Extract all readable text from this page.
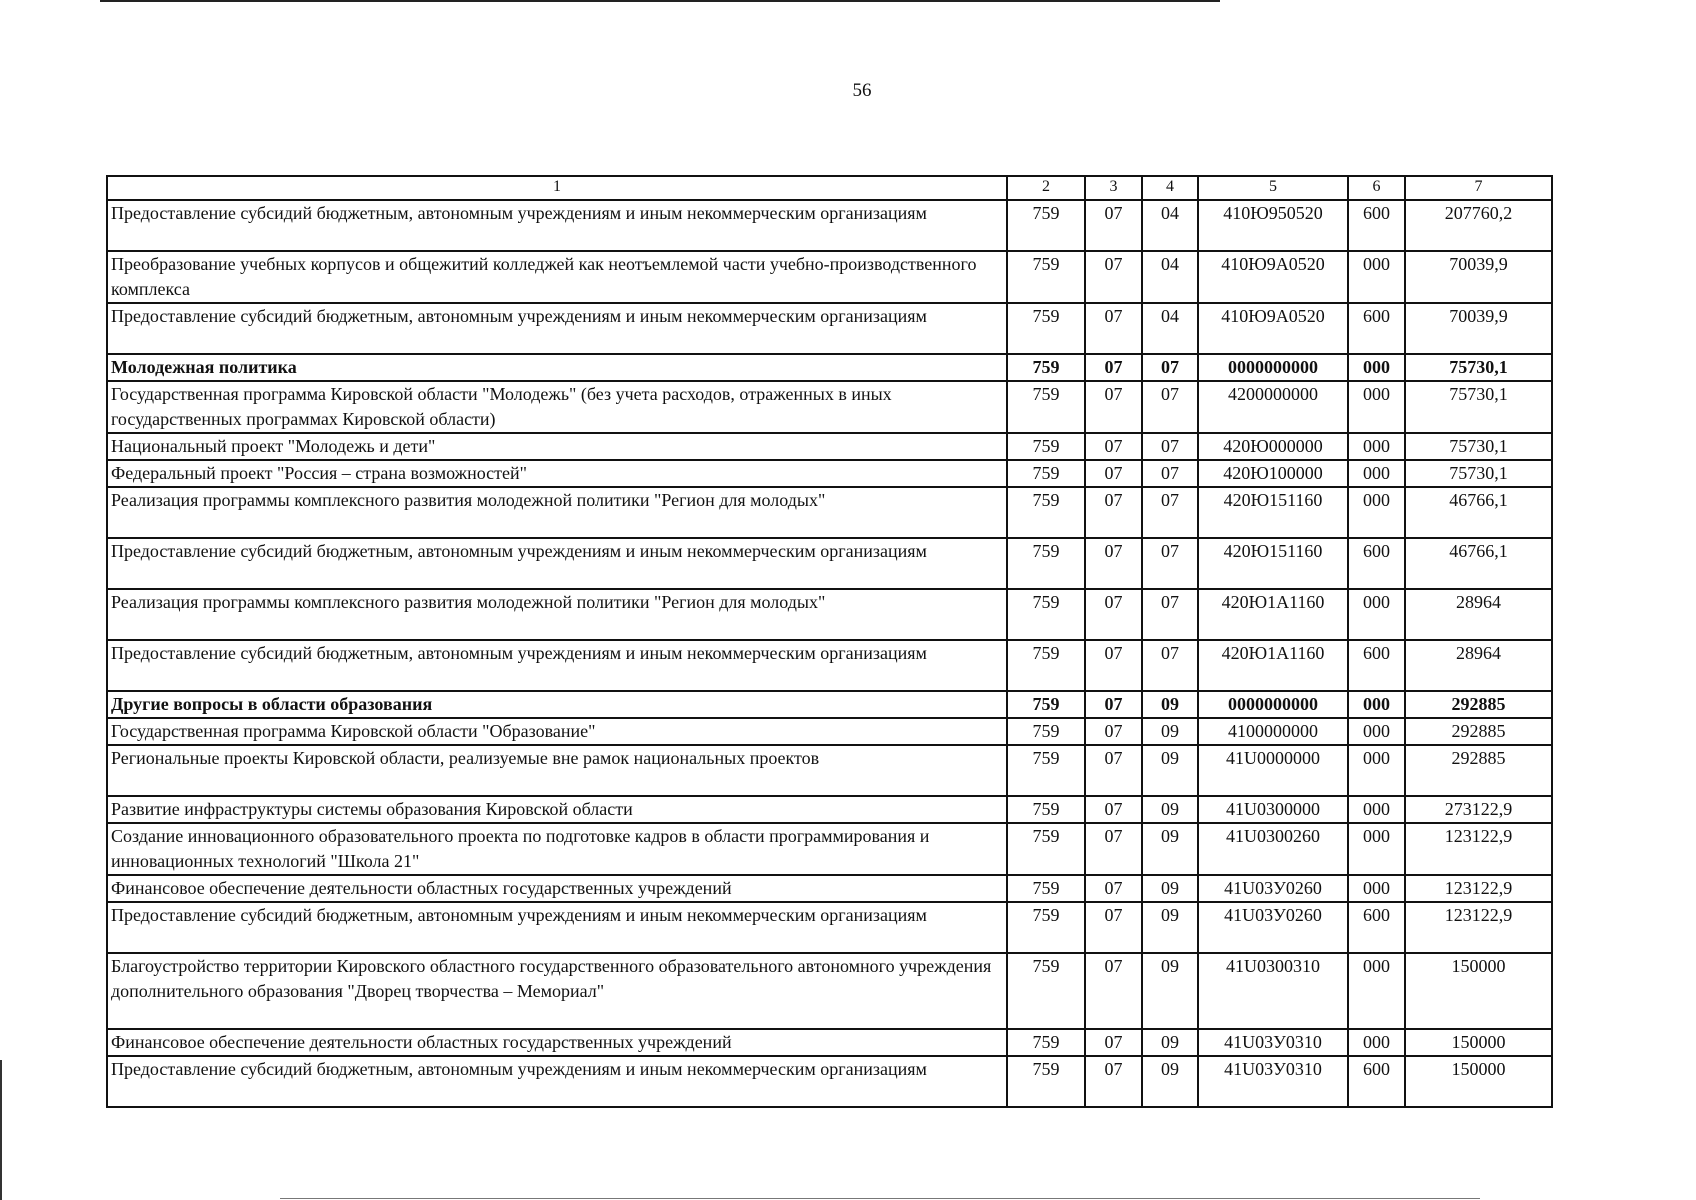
56
1	2	3	4	5	6	7
Предоставление субсидий бюджетным, автономным учреждениям и иным некоммерческим организациям	759	07	04	410Ю950520	600	207760,2
Преобразование учебных корпусов и общежитий колледжей как неотъемлемой части учебно-производственного комплекса	759	07	04	410Ю9А0520	000	70039,9
Предоставление субсидий бюджетным, автономным учреждениям и иным некоммерческим организациям	759	07	04	410Ю9А0520	600	70039,9
Молодежная политика	759	07	07	0000000000	000	75730,1
Государственная программа Кировской области "Молодежь" (без учета расходов, отраженных в иных государственных программах Кировской области)	759	07	07	4200000000	000	75730,1
Национальный проект "Молодежь и дети"	759	07	07	420Ю000000	000	75730,1
Федеральный проект "Россия – страна возможностей"	759	07	07	420Ю100000	000	75730,1
Реализация программы комплексного развития молодежной политики "Регион для молодых"	759	07	07	420Ю151160	000	46766,1
Предоставление субсидий бюджетным, автономным учреждениям и иным некоммерческим организациям	759	07	07	420Ю151160	600	46766,1
Реализация программы комплексного развития молодежной политики "Регион для молодых"	759	07	07	420Ю1А1160	000	28964
Предоставление субсидий бюджетным, автономным учреждениям и иным некоммерческим организациям	759	07	07	420Ю1А1160	600	28964
Другие вопросы в области образования	759	07	09	0000000000	000	292885
Государственная программа Кировской области "Образование"	759	07	09	4100000000	000	292885
Региональные проекты Кировской области, реализуемые вне рамок национальных проектов	759	07	09	41U0000000	000	292885
Развитие инфраструктуры системы образования Кировской области	759	07	09	41U0300000	000	273122,9
Создание инновационного образовательного проекта по подготовке кадров в области программирования и инновационных технологий "Школа 21"	759	07	09	41U0300260	000	123122,9
Финансовое обеспечение деятельности областных государственных учреждений	759	07	09	41U03У0260	000	123122,9
Предоставление субсидий бюджетным, автономным учреждениям и иным некоммерческим организациям	759	07	09	41U03У0260	600	123122,9
Благоустройство территории Кировского областного государственного образовательного автономного учреждения дополнительного образования "Дворец творчества – Мемориал"	759	07	09	41U0300310	000	150000
Финансовое обеспечение деятельности областных государственных учреждений	759	07	09	41U03У0310	000	150000
Предоставление субсидий бюджетным, автономным учреждениям и иным некоммерческим организациям	759	07	09	41U03У0310	600	150000
